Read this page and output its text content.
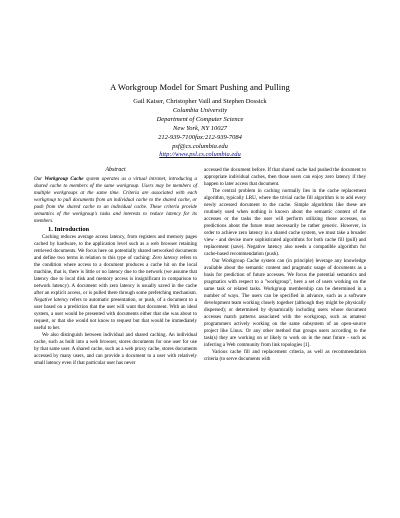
A Workgroup Model for Smart Pushing and Pulling
Gail Kaiser, Christopher Vaill and Stephen Dossick
Columbia University
Department of Computer Science
New York, NY 10027
212-939-7100fax:212-939-7084
psf@cs.columbia.edu
http://www.psl.cs.columbia.edu
Abstract

Our Workgroup Cache system operates as a virtual intranet, introducing a shared cache to members of the same workgroup. Users may be members of multiple workgroups at the same time. Criteria are associated with each workgroup to pull documents from an individual cache to the shared cache, or push from the shared cache to an individual cache. These criteria provide semantics of the workgroup's tasks and interests to reduce latency for its members.

1. Introduction

Caching reduces average access latency, from registers and memory pages cached by hardware, to the application level such as a web browser retaining retrieved documents. We focus here on potentially shared networked documents and define two terms in relation to this type of caching: Zero latency refers to the condition where access to a document produces a cache hit on the local machine, that is, there is little or no latency due to the network (we assume that latency due to local disk and memory access is insignificant in comparison to network latency). A document with zero latency is usually saved in the cache after an explicit access, or is pulled there through some prefetching mechanism. Negative latency refers to automatic presentation, or push, of a document to a user based on a prediction that the user will want that document. With an ideal system, a user would be presented with documents either that she was about to request, or that she would not know to request but that would be immediately useful to her.

We also distinguish between individual and shared caching. An individual cache, such as built into a web browser, stores documents for one user for use by that same user. A shared cache, such as a web proxy cache, stores documents accessed by many users, and can provide a document to a user with relatively small latency even if that particular user has never

accessed the document before. If that shared cache had pushed the document to appropriate individual caches, then those users can enjoy zero latency if they happen to later access that document.

The central problem in caching normally lies in the cache replacement algorithm, typically LRU, where the trivial cache fill algorithm is to add every newly accessed document to the cache. Simple algorithms like these are routinely used when nothing is known about the semantic content of the accesses or the tasks the user will perform utilizing those accesses, so predictions about the future must necessarily be rather generic. However, in order to achieve zero latency in a shared cache system, we must take a broader view - and devise more sophisticated algorithms for both cache fill (pull) and replacement (save). Negative latency also needs a compatible algorithm for cache-based recommendation (push).

Our Workgroup Cache system can (in principle) leverage any knowledge available about the semantic content and pragmatic usage of documents as a basis for prediction of future accesses. We focus the potential semantics and pragmatics with respect to a "workgroup", here a set of users working on the same task or related tasks. Workgroup membership can be determined in a number of ways. The users can be specified in advance, such as a software development team working closely together (although they might be physically dispersed); or determined by dynamically including users whose document accesses match patterns associated with the workgroup, such as amateur programmers actively working on the same subsystem of an open-source project like Linux. Or any other method that groups users according to the task(s) they are working on or likely to work on in the near future - such as inferring a Web community from link topologies [1].

Various cache fill and replacement criteria, as well as recommendation criteria (to serve documents with
